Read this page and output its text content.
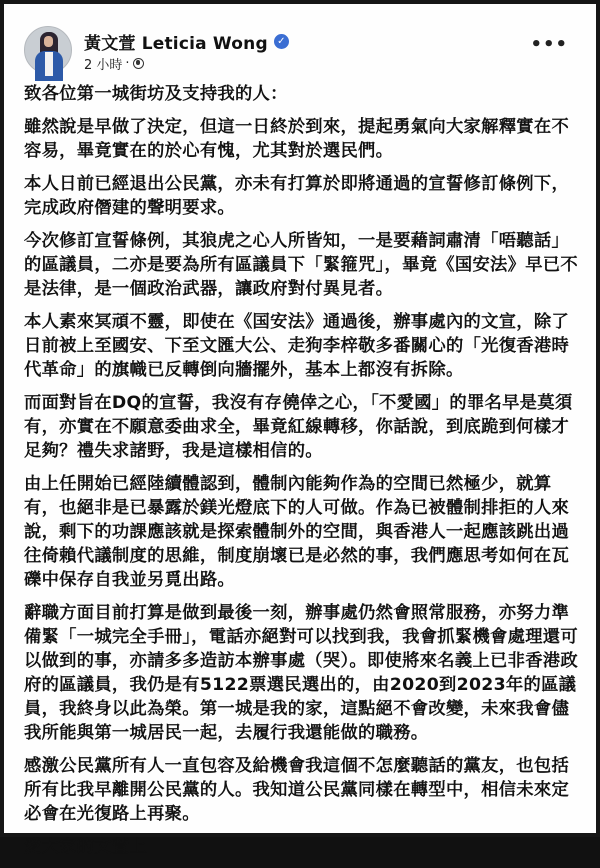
黃文萱 Leticia Wong ✓
2 小時 ·
•••

致各位第一城街坊及支持我的人：

雖然說是早做了決定，但這一日終於到來，提起勇氣向大家解釋實在不容易，畢竟實在的於心有愧，尤其對於選民們。

本人日前已經退出公民黨，亦未有打算於即將通過的宣誓修訂條例下，完成政府僭建的聲明要求。

今次修訂宣誓條例，其狼虎之心人所皆知，一是要藉詞肅清「唔聽話」的區議員，二亦是要為所有區議員下「緊箍咒」，畢竟《国安法》早已不是法律，是一個政治武器，讓政府對付異見者。

本人素來冥頑不靈，即使在《国安法》通過後，辦事處內的文宣，除了日前被上至國安、下至文匯大公、走狗李梓敬多番關心的「光復香港時代革命」的旗幟已反轉倒向牆擺外，基本上都沒有拆除。

而面對旨在DQ的宣誓，我沒有存僥倖之心，「不愛國」的罪名早是莫須有，亦實在不願意委曲求全，畢竟紅線轉移，你話說，到底跪到何樣才足夠？禮失求諸野，我是這樣相信的。

由上任開始已經陸續體認到，體制內能夠作為的空間已然極少，就算有，也絕非是已暴露於鎂光燈底下的人可做。作為已被體制排拒的人來說，剩下的功課應該就是探索體制外的空間，與香港人一起應該跳出過往倚賴代議制度的思維，制度崩壞已是必然的事，我們應思考如何在瓦礫中保存自我並另覓出路。

辭職方面目前打算是做到最後一刻，辦事處仍然會照常服務，亦努力準備緊「一城完全手冊」，電話亦絕對可以找到我，我會抓緊機會處理還可以做到的事，亦請多多造訪本辦事處（哭）。即使將來名義上已非香港政府的區議員，我仍是有5122票選民選出的，由2020到2023年的區議員，我終身以此為榮。第一城是我的家，這點絕不會改變，未來我會儘我所能與第一城居民一起，去履行我還能做的職務。

感激公民黨所有人一直包容及給機會我這個不怎麼聽話的黨友，也包括所有比我早離開公民黨的人。我知道公民黨同樣在轉型中，相信未來定必會在光復路上再聚。

愛大家的文萱上
